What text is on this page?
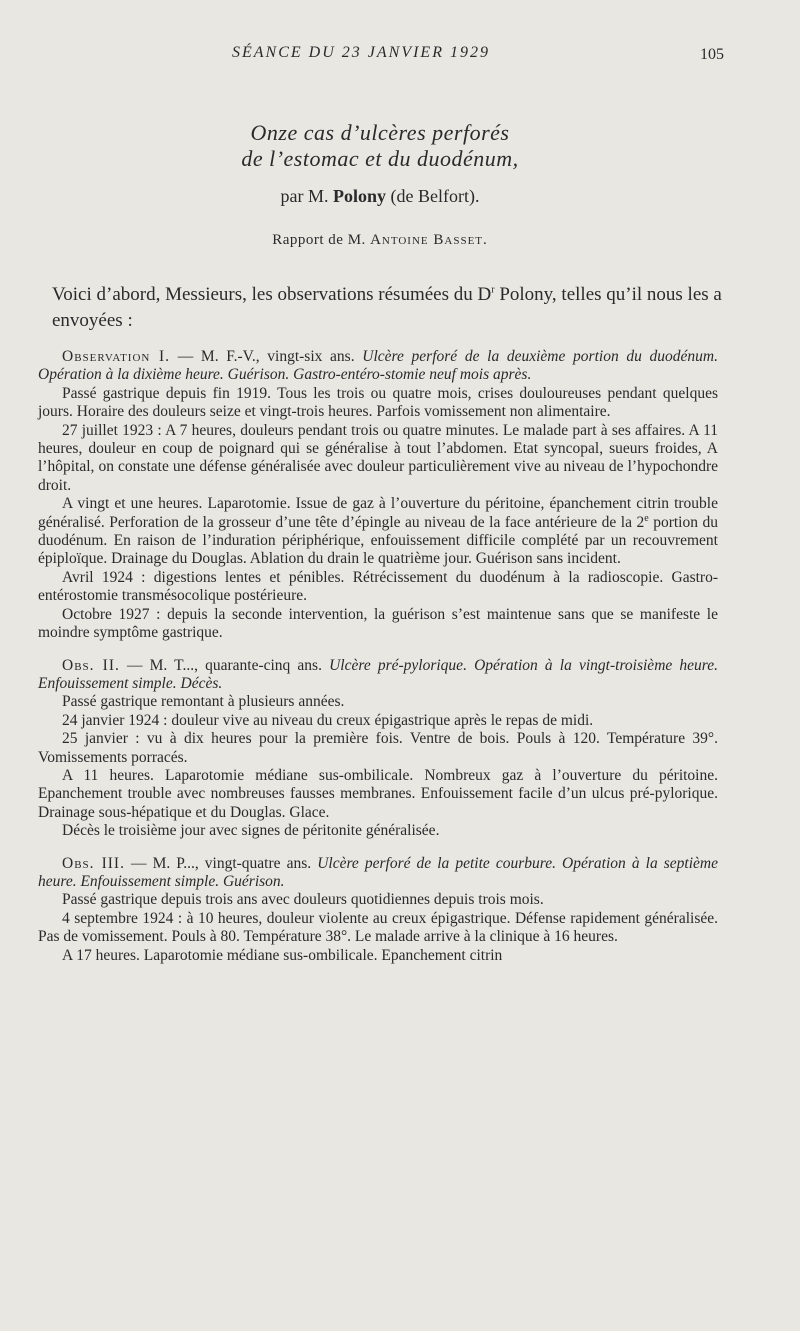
SÉANCE DU 23 JANVIER 1929	105
Onze cas d’ulcères perforés
de l’estomac et du duodénum,
par M. Polony (de Belfort).
Rapport de M. Antoine Basset.
Voici d’abord, Messieurs, les observations résumées du $D^r$ Polony, telles qu’il nous les a envoyées :

Observation I. — M. F.-V., vingt-six ans. Ulcère perforé de la deuxième portion du duodénum. Opération à la dixième heure. Guérison. Gastro-entéro-stomie neuf mois après.

Passé gastrique depuis fin 1919. Tous les trois ou quatre mois, crises douloureuses pendant quelques jours. Horaire des douleurs seize et vingt-trois heures. Parfois vomissement non alimentaire.

27 juillet 1923 : A 7 heures, douleurs pendant trois ou quatre minutes. Le malade part à ses affaires. A 11 heures, douleur en coup de poignard qui se généralise à tout l’abdomen. Etat syncopal, sueurs froides, A l’hôpital, on constate une défense généralisée avec douleur particulièrement vive au niveau de l’hypochondre droit.

A vingt et une heures. Laparotomie. Issue de gaz à l’ouverture du péritoine, épanchement citrin trouble généralisé. Perforation de la grosseur d’une tête d’épingle au niveau de la face antérieure de la 2e portion du duodénum. En raison de l’induration périphérique, enfouissement difficile complété par un recouvrement épiploïque. Drainage du Douglas. Ablation du drain le quatrième jour. Guérison sans incident.

Avril 1924 : digestions lentes et pénibles. Rétrécissement du duodénum à la radioscopie. Gastro-entérostomie transmésocolique postérieure.

Octobre 1927 : depuis la seconde intervention, la guérison s’est maintenue sans que se manifeste le moindre symptôme gastrique.

Obs. II. — M. T..., quarante-cinq ans. Ulcère pré-pylorique. Opération à la vingt-troisième heure. Enfouissement simple. Décès.

Passé gastrique remontant à plusieurs années.

24 janvier 1924 : douleur vive au niveau du creux épigastrique après le repas de midi.

25 janvier : vu à dix heures pour la première fois. Ventre de bois. Pouls à 120. Température 39°. Vomissements porracés.

A 11 heures. Laparotomie médiane sus-ombilicale. Nombreux gaz à l’ouverture du péritoine. Epanchement trouble avec nombreuses fausses membranes. Enfouissement facile d’un ulcus pré-pylorique. Drainage sous-hépatique et du Douglas. Glace.

Décès le troisième jour avec signes de péritonite généralisée.

Obs. III. — M. P..., vingt-quatre ans. Ulcère perforé de la petite courbure. Opération à la septième heure. Enfouissement simple. Guérison.

Passé gastrique depuis trois ans avec douleurs quotidiennes depuis trois mois.

4 septembre 1924 : à 10 heures, douleur violente au creux épigastrique. Défense rapidement généralisée. Pas de vomissement. Pouls à 80. Température 38°. Le malade arrive à la clinique à 16 heures.

A 17 heures. Laparotomie médiane sus-ombilicale. Epanchement citrin
